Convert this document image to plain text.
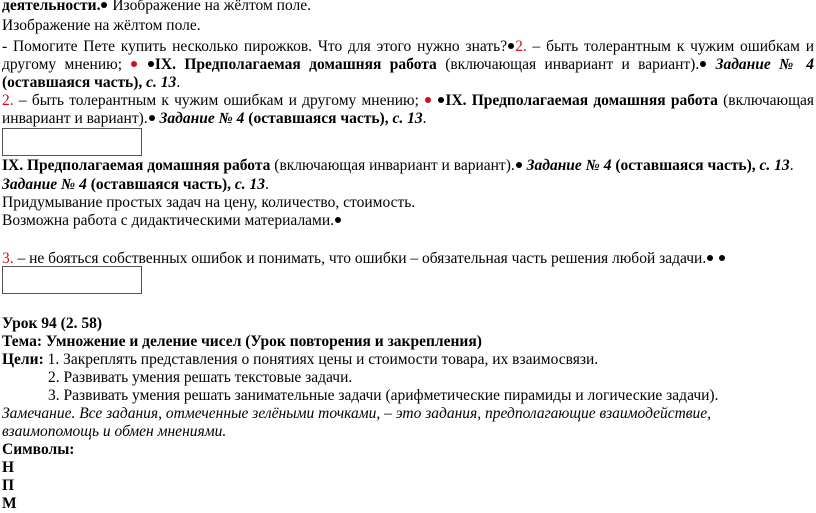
деятельности. Изображение на жёлтом поле.
Изображение на жёлтом поле.
- Помогите Пете купить несколько пирожков. Что для этого нужно знать? 2. – быть толерантным к чужим ошибкам и
другому мнению; IX. Предполагаемая домашняя работа (включающая инвариант и вариант). Задание № 4
(оставшаяся часть), с. 13.
2. – быть толерантным к чужим ошибкам и другому мнению; IX. Предполагаемая домашняя работа (включающая
инвариант и вариант). Задание № 4 (оставшаяся часть), с. 13.
IX. Предполагаемая домашняя работа (включающая инвариант и вариант). Задание № 4 (оставшаяся часть), с. 13.
Задание № 4 (оставшаяся часть), с. 13.
Придумывание простых задач на цену, количество, стоимость.
Возможна работа с дидактическими материалами.
3. – не бояться собственных ошибок и понимать, что ошибки – обязательная часть решения любой задачи.
Урок 94 (2. 58)
Тема: Умножение и деление чисел (Урок повторения и закрепления)
Цели: 1. Закреплять представления о понятиях цены и стоимости товара, их взаимосвязи.
2. Развивать умения решать текстовые задачи.
3. Развивать умения решать занимательные задачи (арифметические пирамиды и логические задачи).
Замечание. Все задания, отмеченные зелёными точками, – это задания, предполагающие взаимодействие,
взаимопомощь и обмен мнениями.
Символы:
Н
П
М
